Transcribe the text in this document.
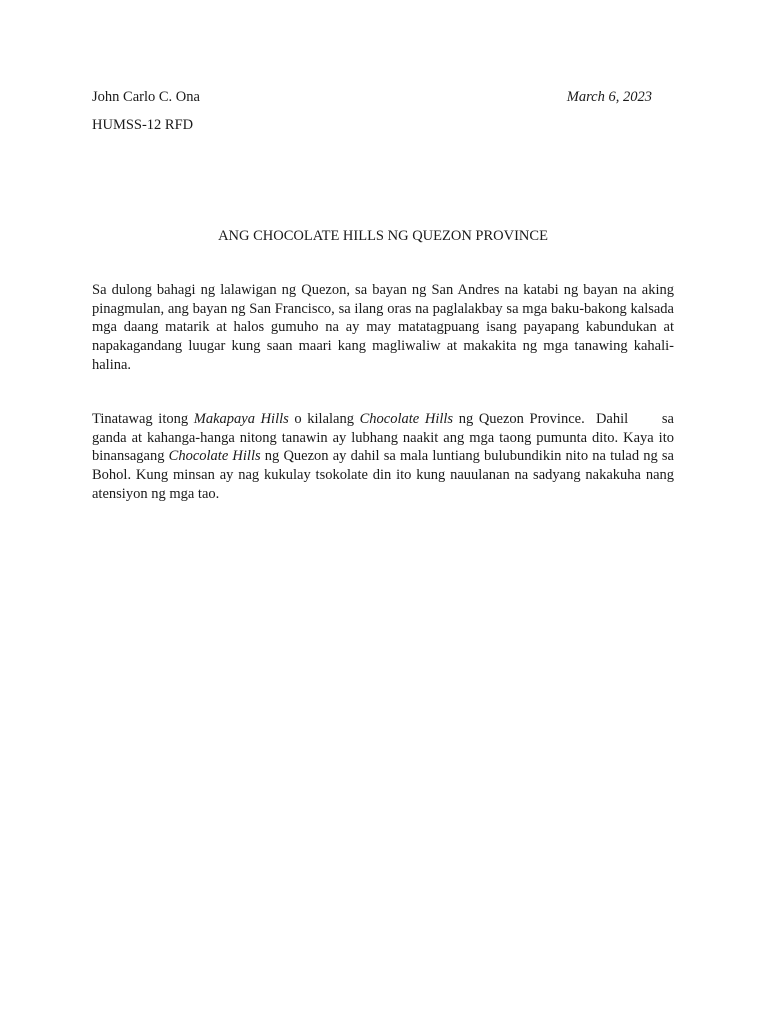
John Carlo C. Ona	March 6, 2023
HUMSS-12 RFD
ANG CHOCOLATE HILLS NG QUEZON PROVINCE

Sa dulong bahagi ng lalawigan ng Quezon, sa bayan ng San Andres na katabi ng bayan na aking pinagmulan, ang bayan ng San Francisco, sa ilang oras na paglalakbay sa mga baku-bakong kalsada mga daang matarik at halos gumuho na ay may matatagpuang isang payapang kabundukan at napakagandang luugar kung saan maari kang magliwaliw at makakita ng mga tanawing kahali-halina.

Tinatawag itong Makapaya Hills o kilalang Chocolate Hills ng Quezon Province.  Dahil      sa ganda at kahanga-hanga nitong tanawin ay lubhang naakit ang mga taong pumunta dito. Kaya ito binansagang Chocolate Hills ng Quezon ay dahil sa mala luntiang bulubundikin nito na tulad ng sa Bohol. Kung minsan ay nag kukulay tsokolate din ito kung nauulanan na sadyang nakakuha nang atensiyon ng mga tao.
